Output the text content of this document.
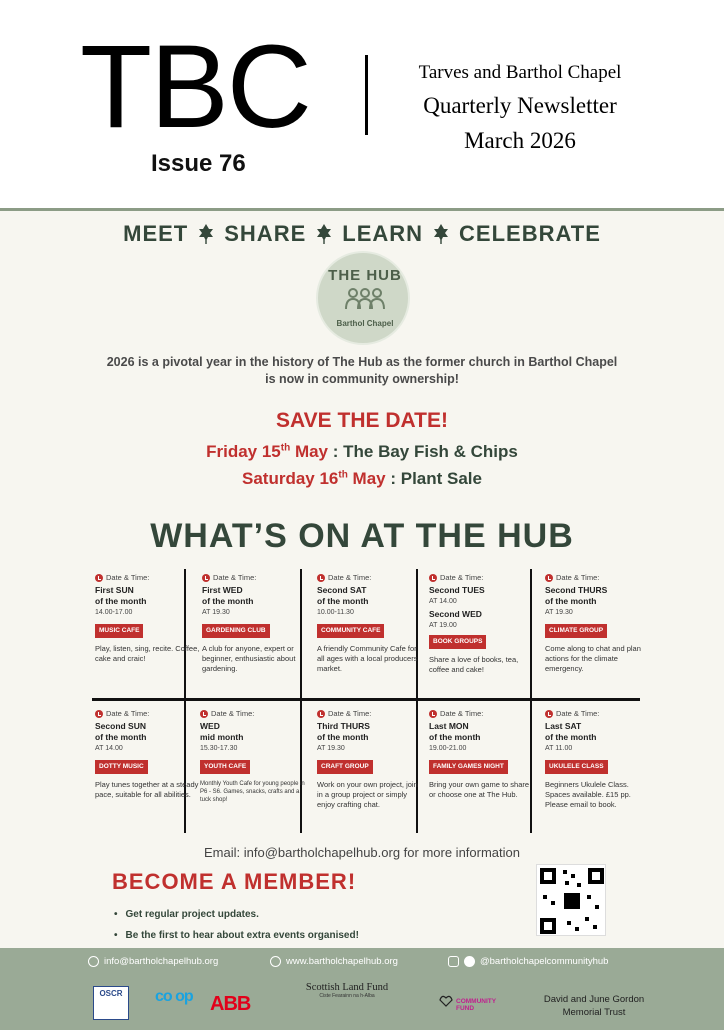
TBC
Issue 76
Tarves and Barthol Chapel
Quarterly Newsletter
March 2026
MEET SHARE LEARN CELEBRATE
THE HUB
Barthol Chapel
2026 is a pivotal year in the history of The Hub as the former church in Barthol Chapel
is now in community ownership!
SAVE THE DATE!
Friday 15th May : The Bay Fish & Chips
Saturday 16th May : Plant Sale
WHAT’S ON AT THE HUB
Date & Time:
First SUN
of the month
14.00-17.00
MUSIC CAFE
Play, listen, sing, recite. Coffee, cake and craic!
Date & Time:
First WED
of the month
AT 19.30
GARDENING CLUB
A club for anyone, expert or beginner, enthusiastic about gardening.
Date & Time:
Second SAT
of the month
10.00-11.30
COMMUNITY CAFE
A friendly Community Cafe for all ages with a local producers market.
Date & Time:
Second TUES
AT 14.00
Second WED
AT 19.00
BOOK GROUPS
Share a love of books, tea, coffee and cake!
Date & Time:
Second THURS
of the month
AT 19.30
CLIMATE GROUP
Come along to chat and plan actions for the climate emergency.
Date & Time:
Second SUN
of the month
AT 14.00
DOTTY MUSIC
Play tunes together at a steady pace, suitable for all abilities.
Date & Time:
WED
mid month
15.30-17.30
YOUTH CAFE
Monthly Youth Cafe for young people in P6 - S6. Games, snacks, crafts and a tuck shop!
Date & Time:
Third THURS
of the month
AT 19.30
CRAFT GROUP
Work on your own project, join in a group project or simply enjoy crafting chat.
Date & Time:
Last MON
of the month
19.00-21.00
FAMILY GAMES NIGHT
Bring your own game to share or choose one at The Hub.
Date & Time:
Last SAT
of the month
AT 11.00
UKULELE CLASS
Beginners Ukulele Class. Spaces available. £15 pp. Please email to book.
Email: info@bartholchapelhub.org for more information
BECOME A MEMBER!
• Get regular project updates.
• Be the first to hear about extra events organised!
info@bartholchapelhub.org	www.bartholchapelhub.org	@bartholchapelcommunityhub
OSCR	co op ABB
Scottish Land Fund
Ciste Fearainn na h-Alba
COMMUNITY FUND
David and June Gordon
Memorial Trust
